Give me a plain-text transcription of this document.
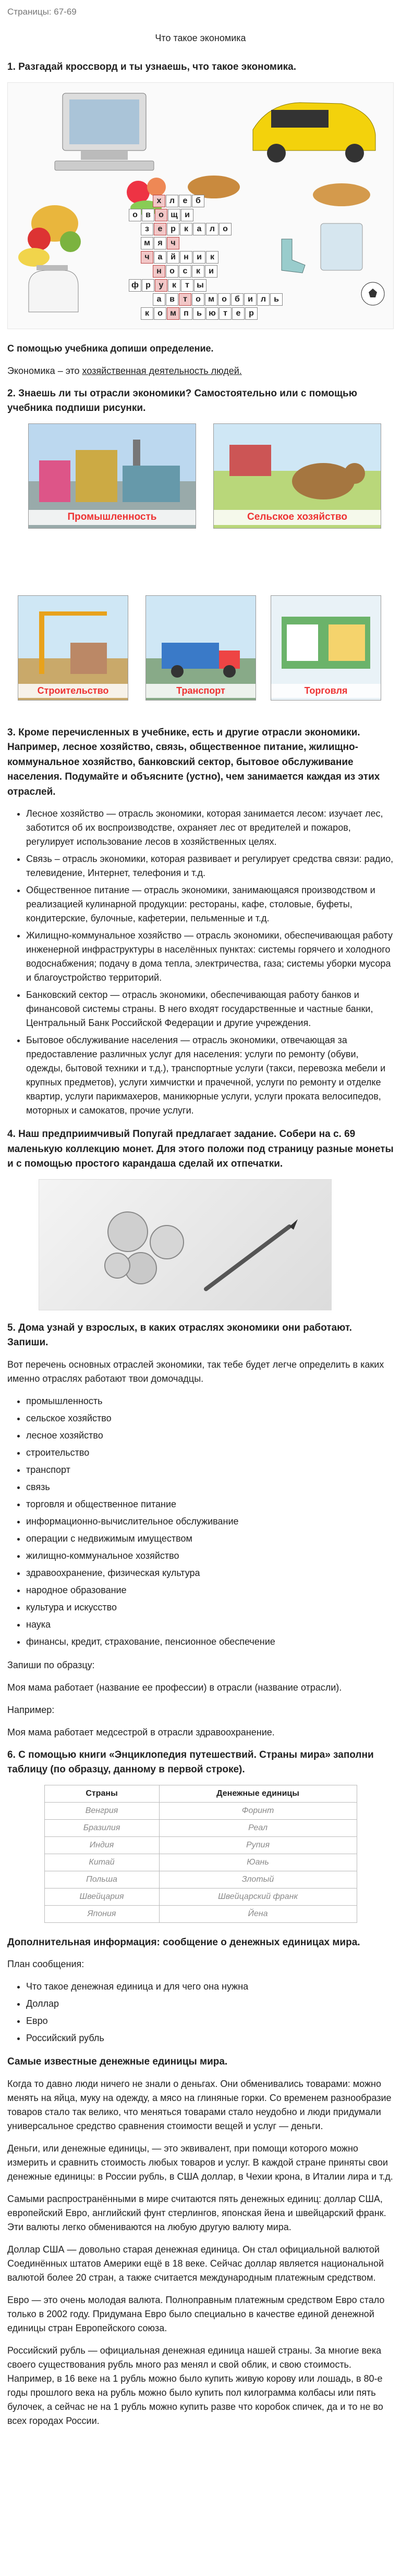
Страницы: 67-69
Что такое экономика
1. Разгадай кроссворд и ты узнаешь, что такое экономика.
х л е б
о в о щ и
з	е р	к	а л о
м я ч
ч а й н и	к
н о с	к	и
ф р у	к	т ы
а в	т	о м о б и л ь
к	о м п ь ю т	е р

С помощью учебника допиши определение.

Экономика – это хозяйственная деятельность людей.

2. Знаешь ли ты отрасли экономики? Самостоятельно или с помощью учебника подпиши рисунки.
Промышленность	Сельское хозяйство
Строительство	Транспорт	Торговля
3. Кроме перечисленных в учебнике, есть и другие отрасли экономики. Например, лесное хозяйство, связь, общественное питание, жилищно-коммунальное хозяйство, банковский сектор, бытовое обслуживание населения. Подумайте и объясните (устно), чем занимается каждая из этих отраслей.
• Лесное хозяйство — отрасль экономики, которая занимается лесом: изучает лес, заботится об их воспроизводстве, охраняет лес от вредителей и пожаров, регулирует использование лесов в хозяйственных целях.
• Связь – отрасль экономики, которая развивает и регулирует средства связи: радио, телевидение, Интернет, телефония и т.д.
• Общественное питание — отрасль экономики, занимающаяся производством и реализацией кулинарной продукции: рестораны, кафе, столовые, буфеты, кондитерские, булочные, кафетерии, пельменные и т.д.
• Жилищно-коммунальное хозяйство — отрасль экономики, обеспечивающая работу инженерной инфраструктуры в населённых пунктах: системы горячего и холодного водоснабжения; подачу в дома тепла, электричества, газа; системы уборки мусора и благоустройство территорий.
• Банковский сектор — отрасль экономики, обеспечивающая работу банков и финансовой системы страны. В него входят государственные и частные банки, Центральный Банк Российской Федерации и другие учреждения.
• Бытовое обслуживание населения — отрасль экономики, отвечающая за предоставление различных услуг для населения: услуги по ремонту (обуви, одежды, бытовой техники и т.д.), транспортные услуги (такси, перевозка мебели и крупных предметов), услуги химчистки и прачечной, услуги по ремонту и отделке квартир, услуги парикмахеров, маникюрные услуги, услуги проката велосипедов, моторных и самокатов, прочие услуги.
4. Наш предприимчивый Попугай предлагает задание. Собери на с. 69 маленькую коллекцию монет. Для этого положи под страницу разные монеты и с помощью простого карандаша сделай их отпечатки.
5. Дома узнай у взрослых, в каких отраслях экономики они работают. Запиши.

Вот перечень основных отраслей экономики, так тебе будет легче определить в каких именно отраслях работают твои домочадцы.

• промышленность
• сельское хозяйство
• лесное хозяйство
• строительство
• транспорт
• связь
• торговля и общественное питание
• информационно-вычислительное обслуживание
• операции с недвижимым имуществом
• жилищно-коммунальное хозяйство
• здравоохранение, физическая культура
• народное образование
• культура и искусство
• наука
• финансы, кредит, страхование, пенсионное обеспечение

Запиши по образцу:

Моя мама работает (название ее профессии) в отрасли (название отрасли).

Например:

Моя мама работает медсестрой в отрасли здравоохранение.

6. С помощью книги «Энциклопедия путешествий. Страны мира» заполни таблицу (по образцу, данному в первой строке).
Страны	Денежные единицы
Венгрия	Форинт
Бразилия	Реал
Индия	Рупия
Китай	Юань
Польша	Злотый
Швейцария	Швейцарский франк
Япония	Йена
Дополнительная информация: сообщение о денежных единицах мира.

План сообщения:

• Что такое денежная единица и для чего она нужна
• Доллар
• Евро
• Российский рубль
Самые известные денежные единицы мира.

Когда то давно люди ничего не знали о деньгах. Они обменивались товарами: можно менять на яйца, муку на одежду, а мясо на глиняные горки. Со временем разнообразие товаров стало так велико, что меняться товарами стало неудобно и люди придумали универсальное средство сравнения стоимости вещей и услуг — деньги.

Деньги, или денежные единицы, — это эквивалент, при помощи которого можно измерить и сравнить стоимость любых товаров и услуг. В каждой стране приняты свои денежные единицы: в России рубль, в США доллар, в Чехии крона, в Италии лира и т.д.

Самыми распространёнными в мире считаются пять денежных единиц: доллар США, европейский Евро, английский фунт стерлингов, японская йена и швейцарский франк. Эти валюты легко обмениваются на любую другую валюту мира.

Доллар США — довольно старая денежная единица. Он стал официальной валютой Соединённых штатов Америки ещё в 18 веке. Сейчас доллар является национальной валютой более 20 стран, а также считается международным платежным средством.

Евро — это очень молодая валюта. Полноправным платежным средством Евро стало только в 2002 году. Придумана Евро было специально в качестве единой денежной единицы стран Европейского союза.

Российский рубль — официальная денежная единица нашей страны. За многие века своего существования рубль много раз менял и свой облик, и свою стоимость. Например, в 16 веке на 1 рубль можно было купить живую корову или лошадь, в 80-е годы прошлого века на рубль можно было купить пол килограмма колбасы или пять булочек, а сейчас не на 1 рубль можно купить разве что коробок спичек, да и то не во всех городах России.
